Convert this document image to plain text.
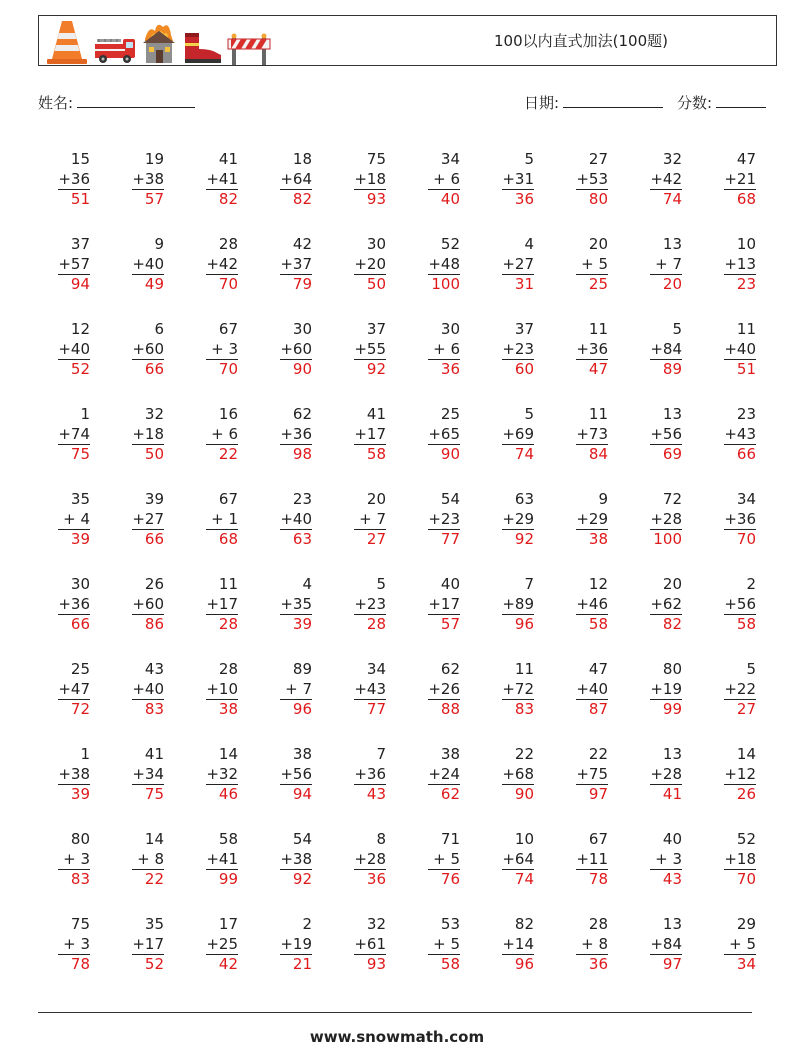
100以内直式加法(100题)
姓名:	日期:	分数:
15
+36
51
19
+38
57
41
+41
82
18
+64
82
75
+18
93
34
+ 6
40
5
+31
36
27
+53
80
32
+42
74
47
+21
68
37
+57
94
9
+40
49
28
+42
70
42
+37
79
30
+20
50
52
+48
100
4
+27
31
20
+ 5
25
13
+ 7
20
10
+13
23
12
+40
52
6
+60
66
67
+ 3
70
30
+60
90
37
+55
92
30
+ 6
36
37
+23
60
11
+36
47
5
+84
89
11
+40
51
1
+74
75
32
+18
50
16
+ 6
22
62
+36
98
41
+17
58
25
+65
90
5
+69
74
11
+73
84
13
+56
69
23
+43
66
35
+ 4
39
39
+27
66
67
+ 1
68
23
+40
63
20
+ 7
27
54
+23
77
63
+29
92
9
+29
38
72
+28
100
34
+36
70
30
+36
66
26
+60
86
11
+17
28
4
+35
39
5
+23
28
40
+17
57
7
+89
96
12
+46
58
20
+62
82
2
+56
58
25
+47
72
43
+40
83
28
+10
38
89
+ 7
96
34
+43
77
62
+26
88
11
+72
83
47
+40
87
80
+19
99
5
+22
27
1
+38
39
41
+34
75
14
+32
46
38
+56
94
7
+36
43
38
+24
62
22
+68
90
22
+75
97
13
+28
41
14
+12
26
80
+ 3
83
14
+ 8
22
58
+41
99
54
+38
92
8
+28
36
71
+ 5
76
10
+64
74
67
+11
78
40
+ 3
43
52
+18
70
75
+ 3
78
35
+17
52
17
+25
42
2
+19
21
32
+61
93
53
+ 5
58
82
+14
96
28
+ 8
36
13
+84
97
29
+ 5
34
www.snowmath.com
